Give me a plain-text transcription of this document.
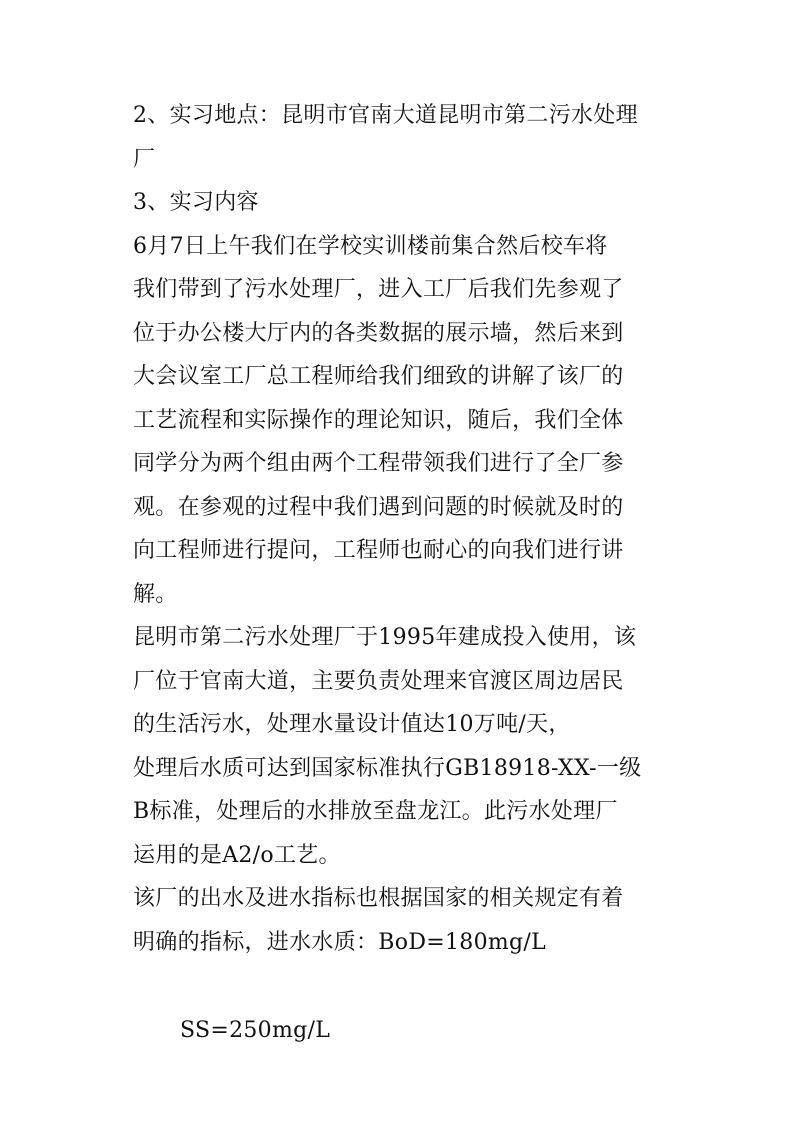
2、实习地点：昆明市官南大道昆明市第二污水处理
厂
3、实习内容
6月7日上午我们在学校实训楼前集合然后校车将
我们带到了污水处理厂，进入工厂后我们先参观了
位于办公楼大厅内的各类数据的展示墙，然后来到
大会议室工厂总工程师给我们细致的讲解了该厂的
工艺流程和实际操作的理论知识，随后，我们全体
同学分为两个组由两个工程带领我们进行了全厂参
观。在参观的过程中我们遇到问题的时候就及时的
向工程师进行提问，工程师也耐心的向我们进行讲
解。
昆明市第二污水处理厂于1995年建成投入使用，该
厂位于官南大道，主要负责处理来官渡区周边居民
的生活污水，处理水量设计值达10万吨/天，
处理后水质可达到国家标准执行GB18918-XX-一级
B标准，处理后的水排放至盘龙江。此污水处理厂
运用的是A2/o工艺。
该厂的出水及进水指标也根据国家的相关规定有着
明确的指标，进水水质：BoD=180mg/L
SS=250mg/L
